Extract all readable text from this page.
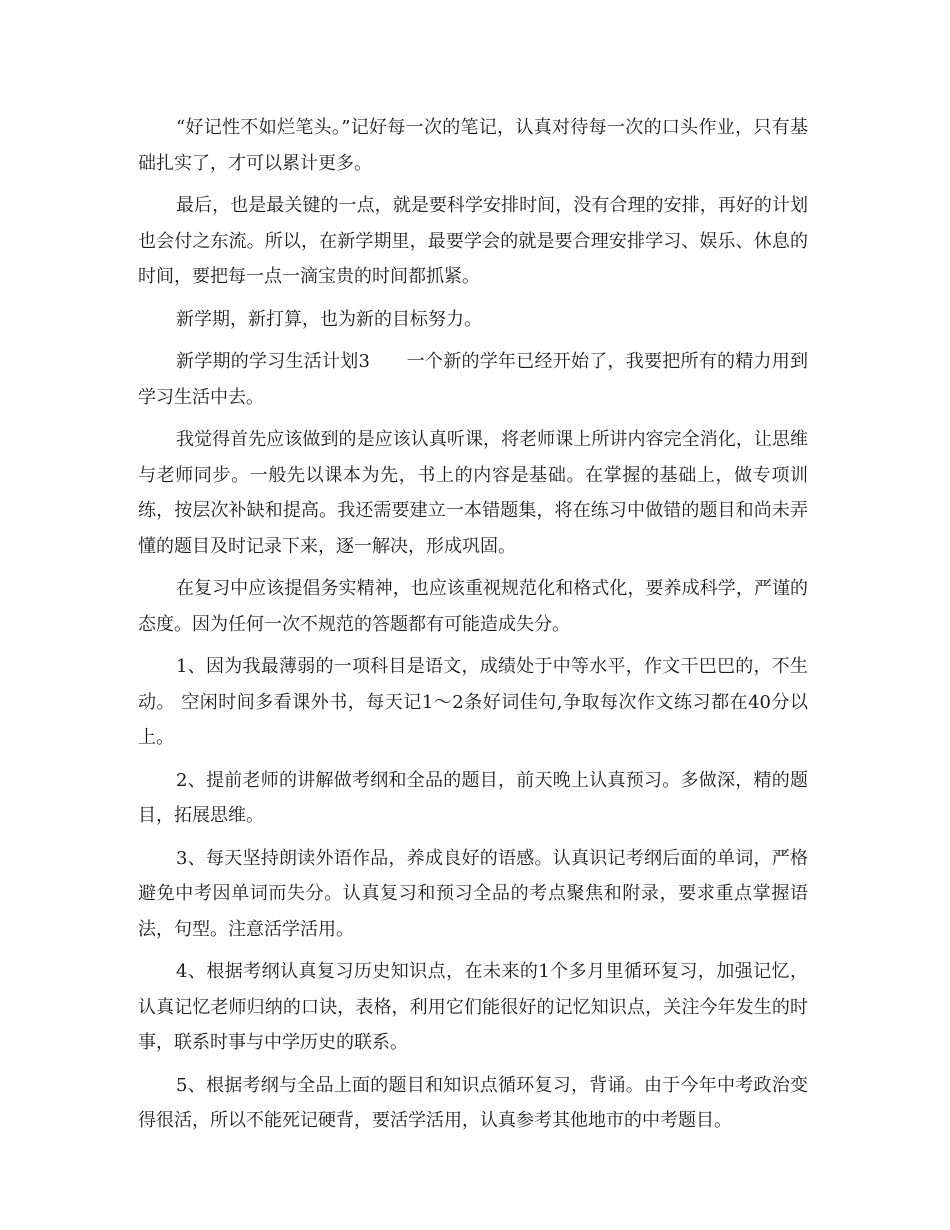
“好记性不如烂笔头。”记好每一次的笔记，认真对待每一次的口头作业，只有基础扎实了，才可以累计更多。

最后，也是最关键的一点，就是要科学安排时间，没有合理的安排，再好的计划也会付之东流。所以，在新学期里，最要学会的就是要合理安排学习、娱乐、休息的时间，要把每一点一滴宝贵的时间都抓紧。

新学期，新打算，也为新的目标努力。

新学期的学习生活计划3　　一个新的学年已经开始了，我要把所有的精力用到学习生活中去。

我觉得首先应该做到的是应该认真听课，将老师课上所讲内容完全消化，让思维与老师同步。一般先以课本为先，书上的内容是基础。在掌握的基础上，做专项训练，按层次补缺和提高。我还需要建立一本错题集，将在练习中做错的题目和尚未弄懂的题目及时记录下来，逐一解决，形成巩固。

在复习中应该提倡务实精神，也应该重视规范化和格式化，要养成科学，严谨的态度。因为任何一次不规范的答题都有可能造成失分。

1、因为我最薄弱的一项科目是语文，成绩处于中等水平，作文干巴巴的，不生动。 空闲时间多看课外书，每天记1～2条好词佳句,争取每次作文练习都在40分以上。

2、提前老师的讲解做考纲和全品的题目，前天晚上认真预习。多做深，精的题目，拓展思维。

3、每天坚持朗读外语作品，养成良好的语感。认真识记考纲后面的单词，严格避免中考因单词而失分。认真复习和预习全品的考点聚焦和附录，要求重点掌握语法，句型。注意活学活用。

4、根据考纲认真复习历史知识点，在未来的1个多月里循环复习，加强记忆，认真记忆老师归纳的口诀，表格，利用它们能很好的记忆知识点，关注今年发生的时事，联系时事与中学历史的联系。

5、根据考纲与全品上面的题目和知识点循环复习，背诵。由于今年中考政治变得很活，所以不能死记硬背，要活学活用，认真参考其他地市的中考题目。
